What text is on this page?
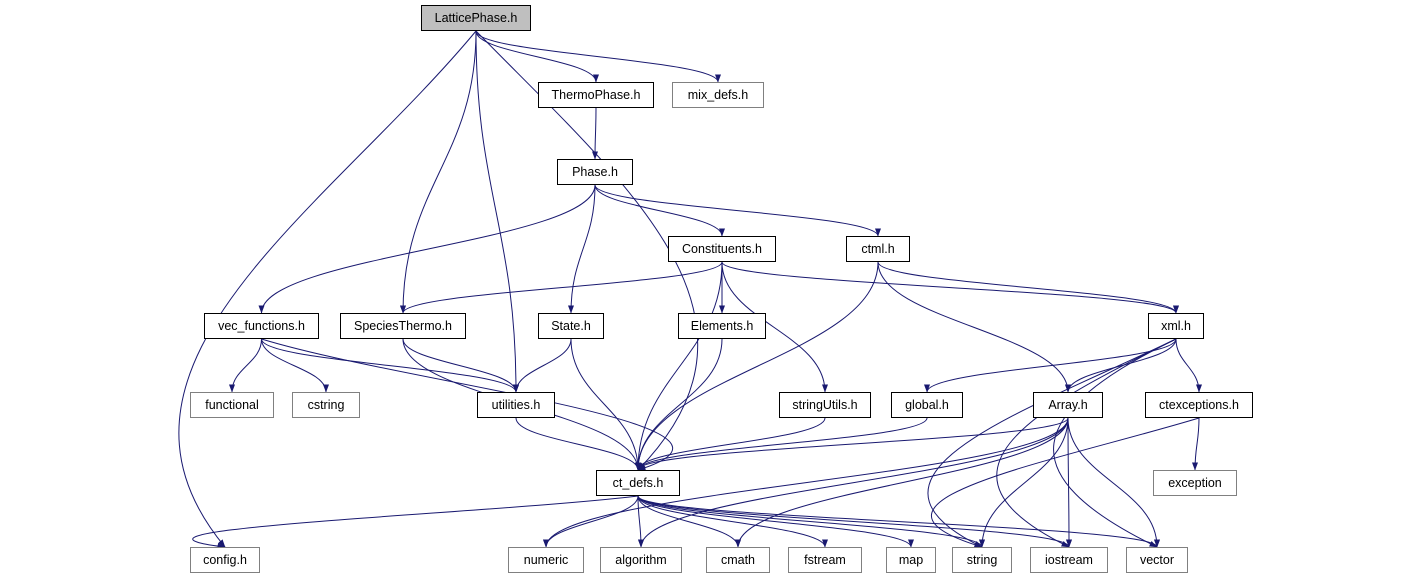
LatticePhase.h
ThermoPhase.h	mix_defs.h
Phase.h
Constituents.h	ctml.h
vec_functions.h	SpeciesThermo.h	State.h	Elements.h	xml.h
functional	cstring	utilities.h	stringUtils.h	global.h	Array.h	ctexceptions.h
exception
ct_defs.h
config.h	numeric	algorithm	cmath	fstream	map	string	iostream	vector
